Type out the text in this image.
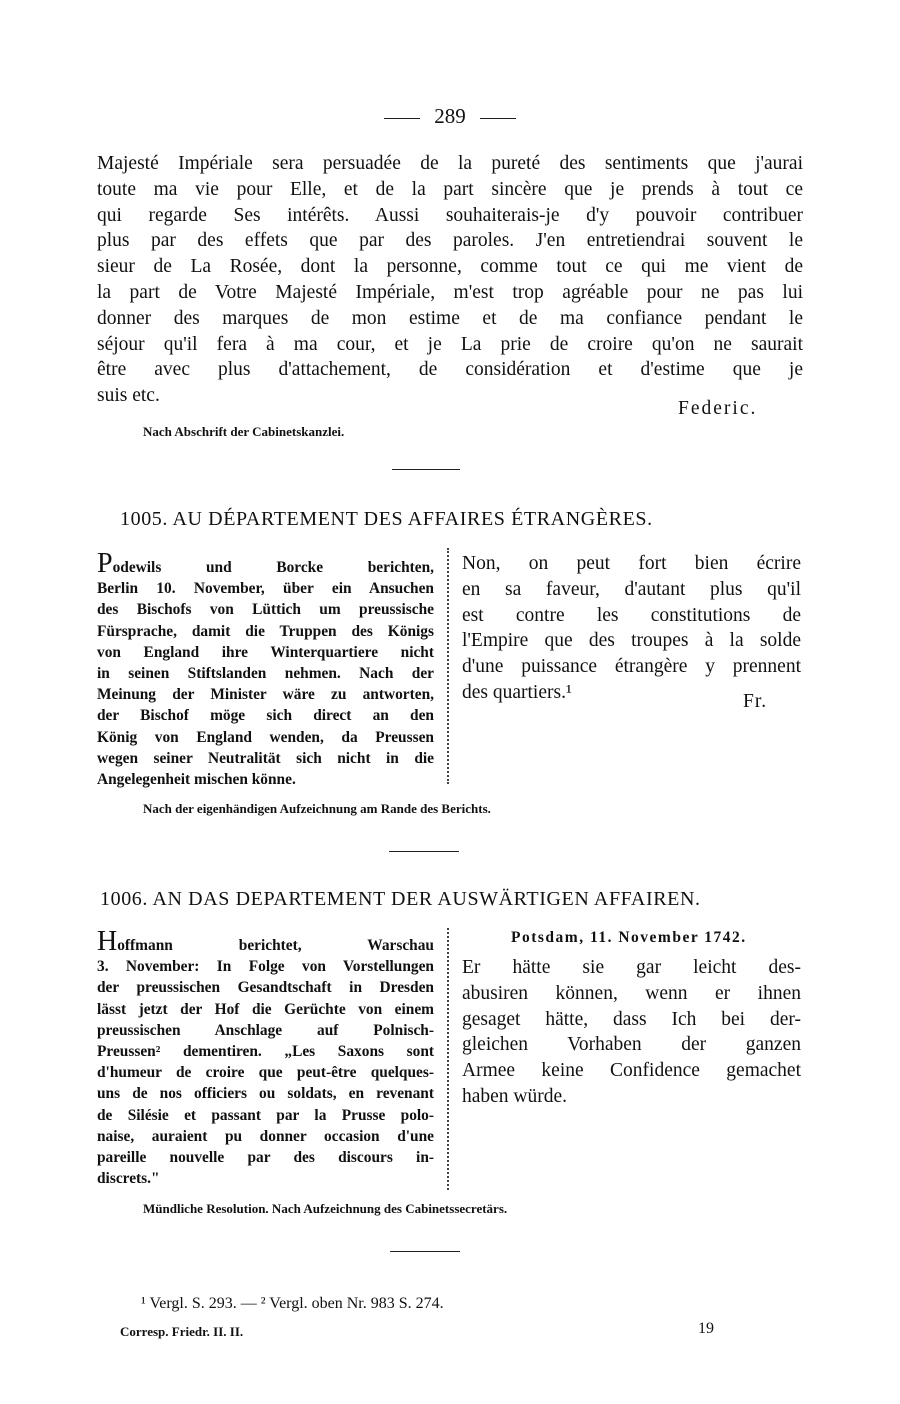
289
Majesté Impériale sera persuadée de la pureté des sentiments que j'aurai
toute ma vie pour Elle, et de la part sincère que je prends à tout ce
qui regarde Ses intérêts. Aussi souhaiterais-je d'y pouvoir contribuer
plus par des effets que par des paroles. J'en entretiendrai souvent le
sieur de La Rosée, dont la personne, comme tout ce qui me vient de
la part de Votre Majesté Impériale, m'est trop agréable pour ne pas lui
donner des marques de mon estime et de ma confiance pendant le
séjour qu'il fera à ma cour, et je La prie de croire qu'on ne saurait
être avec plus d'attachement, de considération et d'estime que je
suis etc.
Federic.
Nach Abschrift der Cabinetskanzlei.
1005. AU DÉPARTEMENT DES AFFAIRES ÉTRANGÈRES.
Podewils und Borcke berichten,
Berlin 10. November, über ein Ansuchen
des Bischofs von Lüttich um preussische
Fürsprache, damit die Truppen des Königs
von England ihre Winterquartiere nicht
in seinen Stiftslanden nehmen. Nach der
Meinung der Minister wäre zu antworten,
der Bischof möge sich direct an den
König von England wenden, da Preussen
wegen seiner Neutralität sich nicht in die
Angelegenheit mischen könne.
Non, on peut fort bien écrire
en sa faveur, d'autant plus qu'il
est contre les constitutions de
l'Empire que des troupes à la solde
d'une puissance étrangère y prennent
des quartiers.¹	Fr.
Nach der eigenhändigen Aufzeichnung am Rande des Berichts.
1006. AN DAS DEPARTEMENT DER AUSWÄRTIGEN AFFAIREN.
Potsdam, 11. November 1742.
Hoffmann berichtet, Warschau
3. November: In Folge von Vorstellungen
der preussischen Gesandtschaft in Dresden
lässt jetzt der Hof die Gerüchte von einem
preussischen Anschlage auf Polnisch-
Preussen² dementiren. „Les Saxons sont
d'humeur de croire que peut-être quelques-
uns de nos officiers ou soldats, en revenant
de Silésie et passant par la Prusse polo-
naise, auraient pu donner occasion d'une
pareille nouvelle par des discours in-
discrets."
Er hätte sie gar leicht des-
abusiren können, wenn er ihnen
gesaget hätte, dass Ich bei der-
gleichen Vorhaben der ganzen
Armee keine Confidence gemachet
haben würde.
Mündliche Resolution. Nach Aufzeichnung des Cabinetssecretärs.
¹ Vergl. S. 293. — ² Vergl. oben Nr. 983 S. 274.
Corresp. Friedr. II. II.	19
